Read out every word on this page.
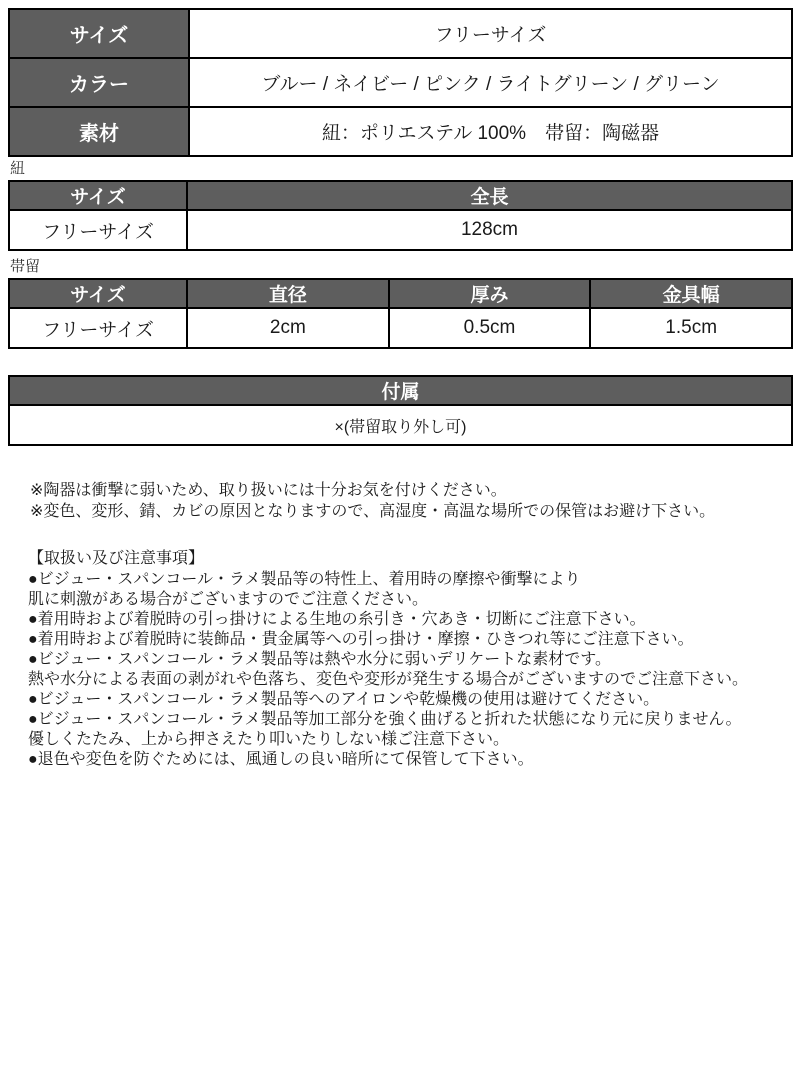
サイズ	フリーサイズ
カラー	ブルー / ネイビー / ピンク / ライトグリーン / グリーン
素材	紐：ポリエステル 100%　帯留：陶磁器
紐
サイズ	全長
フリーサイズ	128cm
帯留
サイズ	直径	厚み	金具幅
フリーサイズ	2cm	0.5cm	1.5cm
付属
×(帯留取り外し可)
※陶器は衝撃に弱いため、取り扱いには十分お気を付けください。
※変色、変形、錆、カビの原因となりますので、高湿度・高温な場所での保管はお避け下さい。
【取扱い及び注意事項】
●ビジュー・スパンコール・ラメ製品等の特性上、着用時の摩擦や衝撃により
肌に刺激がある場合がございますのでご注意ください。
●着用時および着脱時の引っ掛けによる生地の糸引き・穴あき・切断にご注意下さい。
●着用時および着脱時に装飾品・貴金属等への引っ掛け・摩擦・ひきつれ等にご注意下さい。
●ビジュー・スパンコール・ラメ製品等は熱や水分に弱いデリケートな素材です。
熱や水分による表面の剥がれや色落ち、変色や変形が発生する場合がございますのでご注意下さい。
●ビジュー・スパンコール・ラメ製品等へのアイロンや乾燥機の使用は避けてください。
●ビジュー・スパンコール・ラメ製品等加工部分を強く曲げると折れた状態になり元に戻りません。
優しくたたみ、上から押さえたり叩いたりしない様ご注意下さい。
●退色や変色を防ぐためには、風通しの良い暗所にて保管して下さい。
